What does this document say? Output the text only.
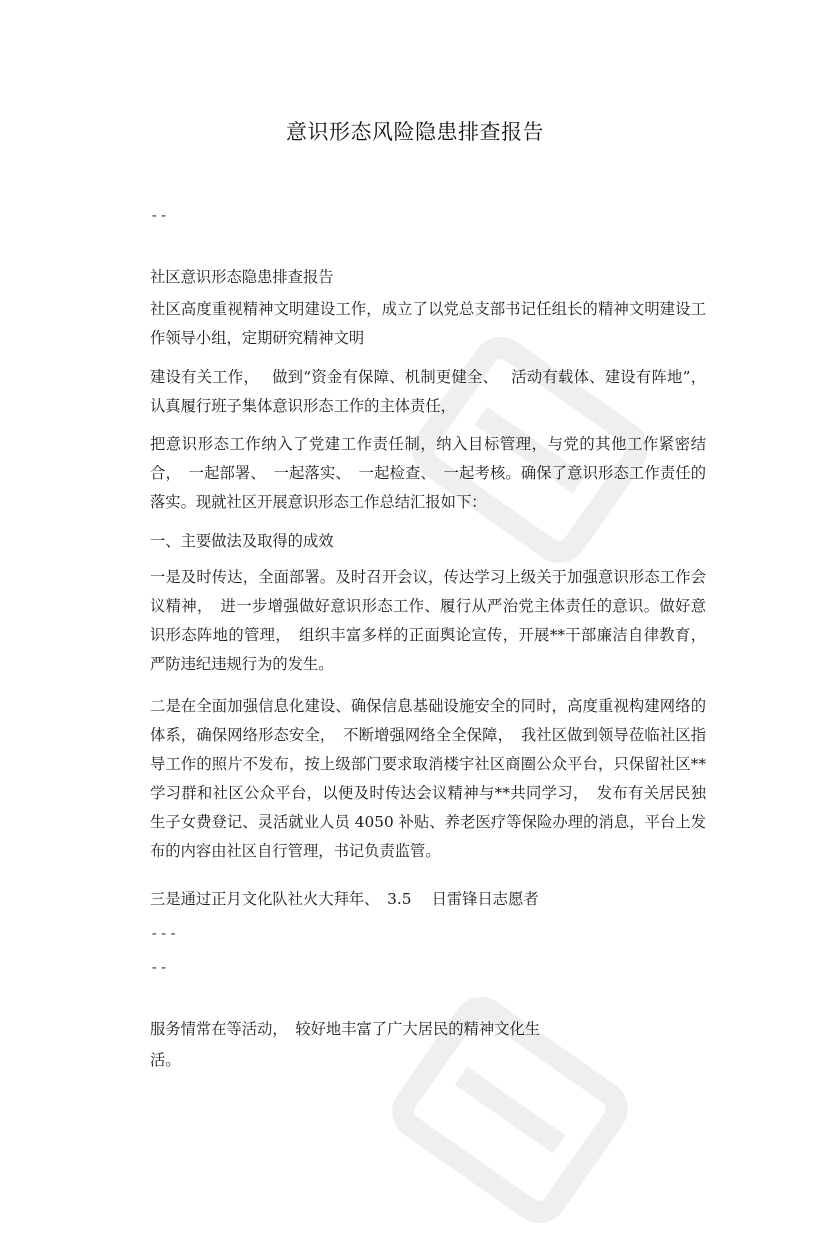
意识形态风险隐患排查报告
--

社区意识形态隐患排查报告

社区高度重视精神文明建设工作，成立了以党总支部书记任组长的精神文明建设工作领导小组，定期研究精神文明

建设有关工作，　 做到“资金有保障、机制更健全、　 活动有载体、建设有阵地”，认真履行班子集体意识形态工作的主体责任，

把意识形态工作纳入了党建工作责任制，纳入目标管理，与党的其他工作紧密结合，　一起部署、　一起落实、　一起检查、　一起考核。确保了意识形态工作责任的落实。现就社区开展意识形态工作总结汇报如下：

一、主要做法及取得的成效

一是及时传达，全面部署。及时召开会议，传达学习上级关于加强意识形态工作会议精神，　进一步增强做好意识形态工作、履行从严治党主体责任的意识。做好意识形态阵地的管理，　组织丰富多样的正面舆论宣传，开展**干部廉洁自律教育，严防违纪违规行为的发生。

二是在全面加强信息化建设、确保信息基础设施安全的同时，高度重视构建网络的体系，确保网络形态安全，　不断增强网络全全保障，　我社区做到领导莅临社区指导工作的照片不发布，按上级部门要求取消楼宇社区商圈公众平台，只保留社区**学习群和社区公众平台，以便及时传达会议精神与**共同学习，　发布有关居民独生子女费登记、灵活就业人员 4050 补贴、养老医疗等保险办理的消息，平台上发布的内容由社区自行管理，书记负责监管。

三是通过正月文化队社火大拜年、　3.5　 日雷锋日志愿者

---
--

服务情常在等活动，　较好地丰富了广大居民的精神文化生

活。
